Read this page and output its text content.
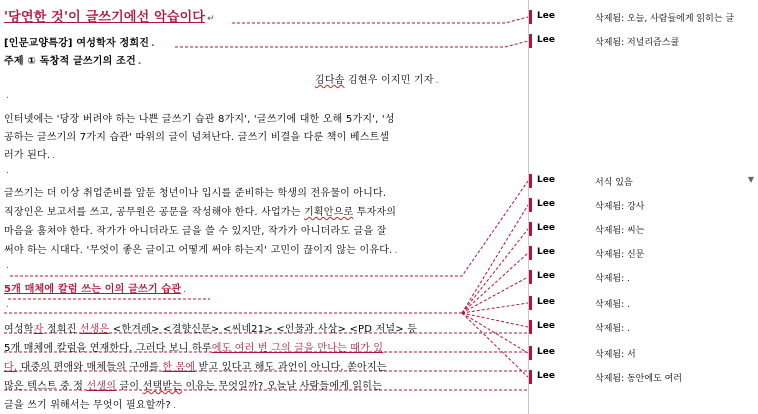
'당연한 것'이 글쓰기에선 악습이다 ↵
[인문교양특강] 여성학자 정희진 .
주제 ① 독창적 글쓰기의 조건 .
김다솜 김현우 이지민 기자 .
.
인터넷에는 '당장 버려야 하는 나쁜 글쓰기 습관 8가지', '글쓰기에 대한 오해 5가지', '성
공하는 글쓰기의 7가지 습관' 따위의 글이 넘쳐난다. 글쓰기 비결을 다룬 책이 베스트셀
러가 된다. .
.
글쓰기는 더 이상 취업준비를 앞둔 청년이나 입시를 준비하는 학생의 전유물이 아니다.
직장인은 보고서를 쓰고, 공무원은 공문을 작성해야 한다. 사업가는 기획안으로 투자자의
마음을 훔쳐야 한다. 작가가 아니더라도 글을 쓸 수 있지만, 작가가 아니더라도 글을 잘
써야 하는 시대다. '무엇이 좋은 글이고 어떻게 써야 하는지' 고민이 끊이지 않는 이유다. .
.
5개 매체에 칼럼 쓰는 이의 글쓰기 습관 .
.
여성학자 정희진 선생은 <한겨레> <경향신문> <씨네21> <인물과 사상> <PD 저널> 등
5개 매체에 칼럼을 연재한다. 그러다 보니 하루에도 여러 번 그의 글을 만나는 때가 있
다. 대중의 편애와 매체들의 구애를 한 몸에 받고 있다고 해도 과언이 아니다. 쏟아지는
많은 텍스트 중 정 선생의 글이 선택받는 이유는 무엇일까? 오늘날 사람들에게 읽히는
글을 쓰기 위해서는 무엇이 필요할까? .
Lee	삭제됨: 오늘, 사람들에게 읽히는 글
Lee	삭제됨: 저널리즘스쿨
Lee	서식 있음	▼
Lee	삭제됨: 강사
Lee	삭제됨: 씨는
Lee	삭제됨: 신문
Lee	삭제됨: .
Lee	삭제됨: .
Lee	삭제됨: .
Lee	삭제됨: 서
Lee	삭제됨: 동안에도 여러
